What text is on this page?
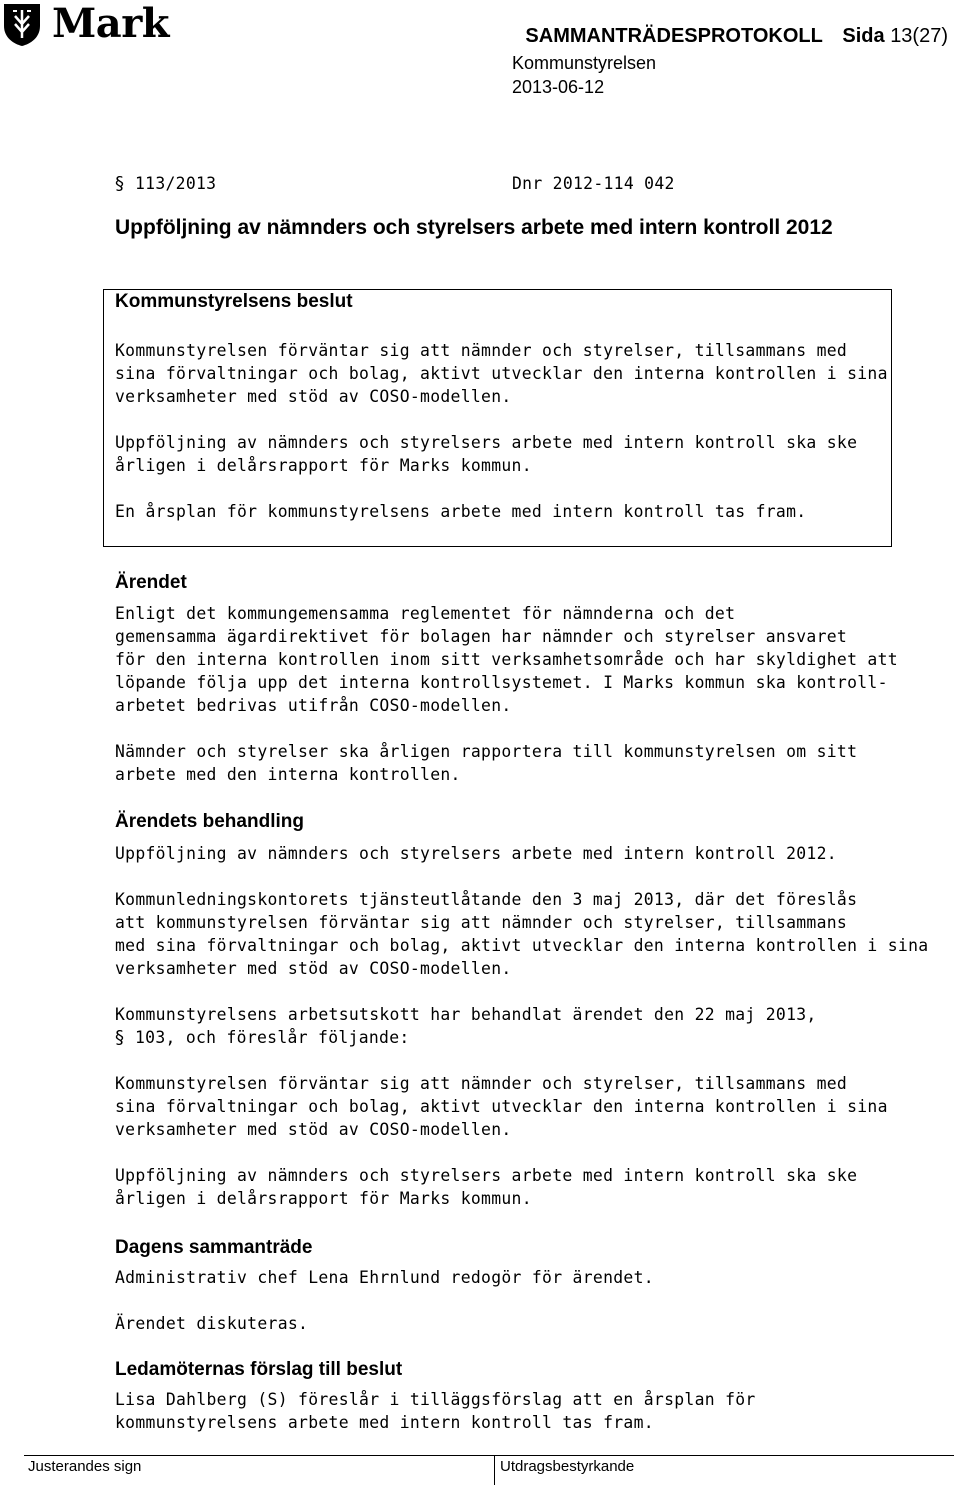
Mark	SAMMANTRÄDESPROTOKOLL Sida 13(27)
Kommunstyrelsen
2013-06-12
§ 113/2013	Dnr 2012-114 042
Uppföljning av nämnders och styrelsers arbete med intern kontroll 2012
Kommunstyrelsens beslut
Kommunstyrelsen förväntar sig att nämnder och styrelser, tillsammans med
sina förvaltningar och bolag, aktivt utvecklar den interna kontrollen i sina
verksamheter med stöd av COSO-modellen.
Uppföljning av nämnders och styrelsers arbete med intern kontroll ska ske
årligen i delårsrapport för Marks kommun.
En årsplan för kommunstyrelsens arbete med intern kontroll tas fram.
Ärendet
Enligt det kommungemensamma reglementet för nämnderna och det
gemensamma ägardirektivet för bolagen har nämnder och styrelser ansvaret
för den interna kontrollen inom sitt verksamhetsområde och har skyldighet att
löpande följa upp det interna kontrollsystemet. I Marks kommun ska kontroll-
arbetet bedrivas utifrån COSO-modellen.
Nämnder och styrelser ska årligen rapportera till kommunstyrelsen om sitt
arbete med den interna kontrollen.
Ärendets behandling
Uppföljning av nämnders och styrelsers arbete med intern kontroll 2012.
Kommunledningskontorets tjänsteutlåtande den 3 maj 2013, där det föreslås
att kommunstyrelsen förväntar sig att nämnder och styrelser, tillsammans
med sina förvaltningar och bolag, aktivt utvecklar den interna kontrollen i sina
verksamheter med stöd av COSO-modellen.
Kommunstyrelsens arbetsutskott har behandlat ärendet den 22 maj 2013,
103, och föreslår följande:
Kommunstyrelsen förväntar sig att nämnder och styrelser, tillsammans med
sina förvaltningar och bolag, aktivt utvecklar den interna kontrollen i sina
verksamheter med stöd av COSO-modellen.
Uppföljning av nämnders och styrelsers arbete med intern kontroll ska ske
årligen i delårsrapport för Marks kommun.
§
Dagens sammanträde
Administrativ chef Lena Ehrnlund redogör för ärendet.
Ärendet diskuteras.
Ledamöternas förslag till beslut
Lisa Dahlberg (S) föreslår i tilläggsförslag att en årsplan för
kommunstyrelsens arbete med intern kontroll tas fram.
Justerandes sign	Utdragsbestyrkande
